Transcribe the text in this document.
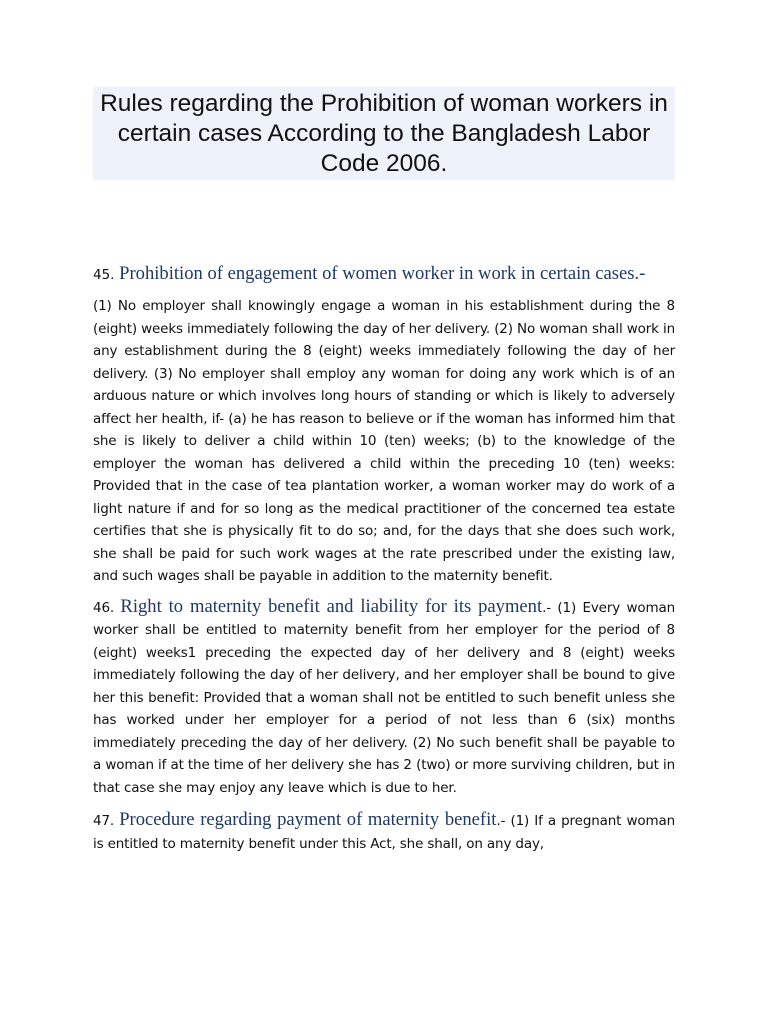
Rules regarding the Prohibition of woman workers in certain cases According to the Bangladesh Labor Code 2006.

45. Prohibition of engagement of women worker in work in certain cases.-

(1) No employer shall knowingly engage a woman in his establishment during the 8 (eight) weeks immediately following the day of her delivery. (2) No woman shall work in any establishment during the 8 (eight) weeks immediately following the day of her delivery. (3) No employer shall employ any woman for doing any work which is of an arduous nature or which involves long hours of standing or which is likely to adversely affect her health, if- (a) he has reason to believe or if the woman has informed him that she is likely to deliver a child within 10 (ten) weeks; (b) to the knowledge of the employer the woman has delivered a child within the preceding 10 (ten) weeks: Provided that in the case of tea plantation worker, a woman worker may do work of a light nature if and for so long as the medical practitioner of the concerned tea estate certifies that she is physically fit to do so; and, for the days that she does such work, she shall be paid for such work wages at the rate prescribed under the existing law, and such wages shall be payable in addition to the maternity benefit.

46. Right to maternity benefit and liability for its payment.- (1) Every woman worker shall be entitled to maternity benefit from her employer for the period of 8 (eight) weeks1 preceding the expected day of her delivery and 8 (eight) weeks immediately following the day of her delivery, and her employer shall be bound to give her this benefit: Provided that a woman shall not be entitled to such benefit unless she has worked under her employer for a period of not less than 6 (six) months immediately preceding the day of her delivery. (2) No such benefit shall be payable to a woman if at the time of her delivery she has 2 (two) or more surviving children, but in that case she may enjoy any leave which is due to her.

47. Procedure regarding payment of maternity benefit.- (1) If a pregnant woman is entitled to maternity benefit under this Act, she shall, on any day,
